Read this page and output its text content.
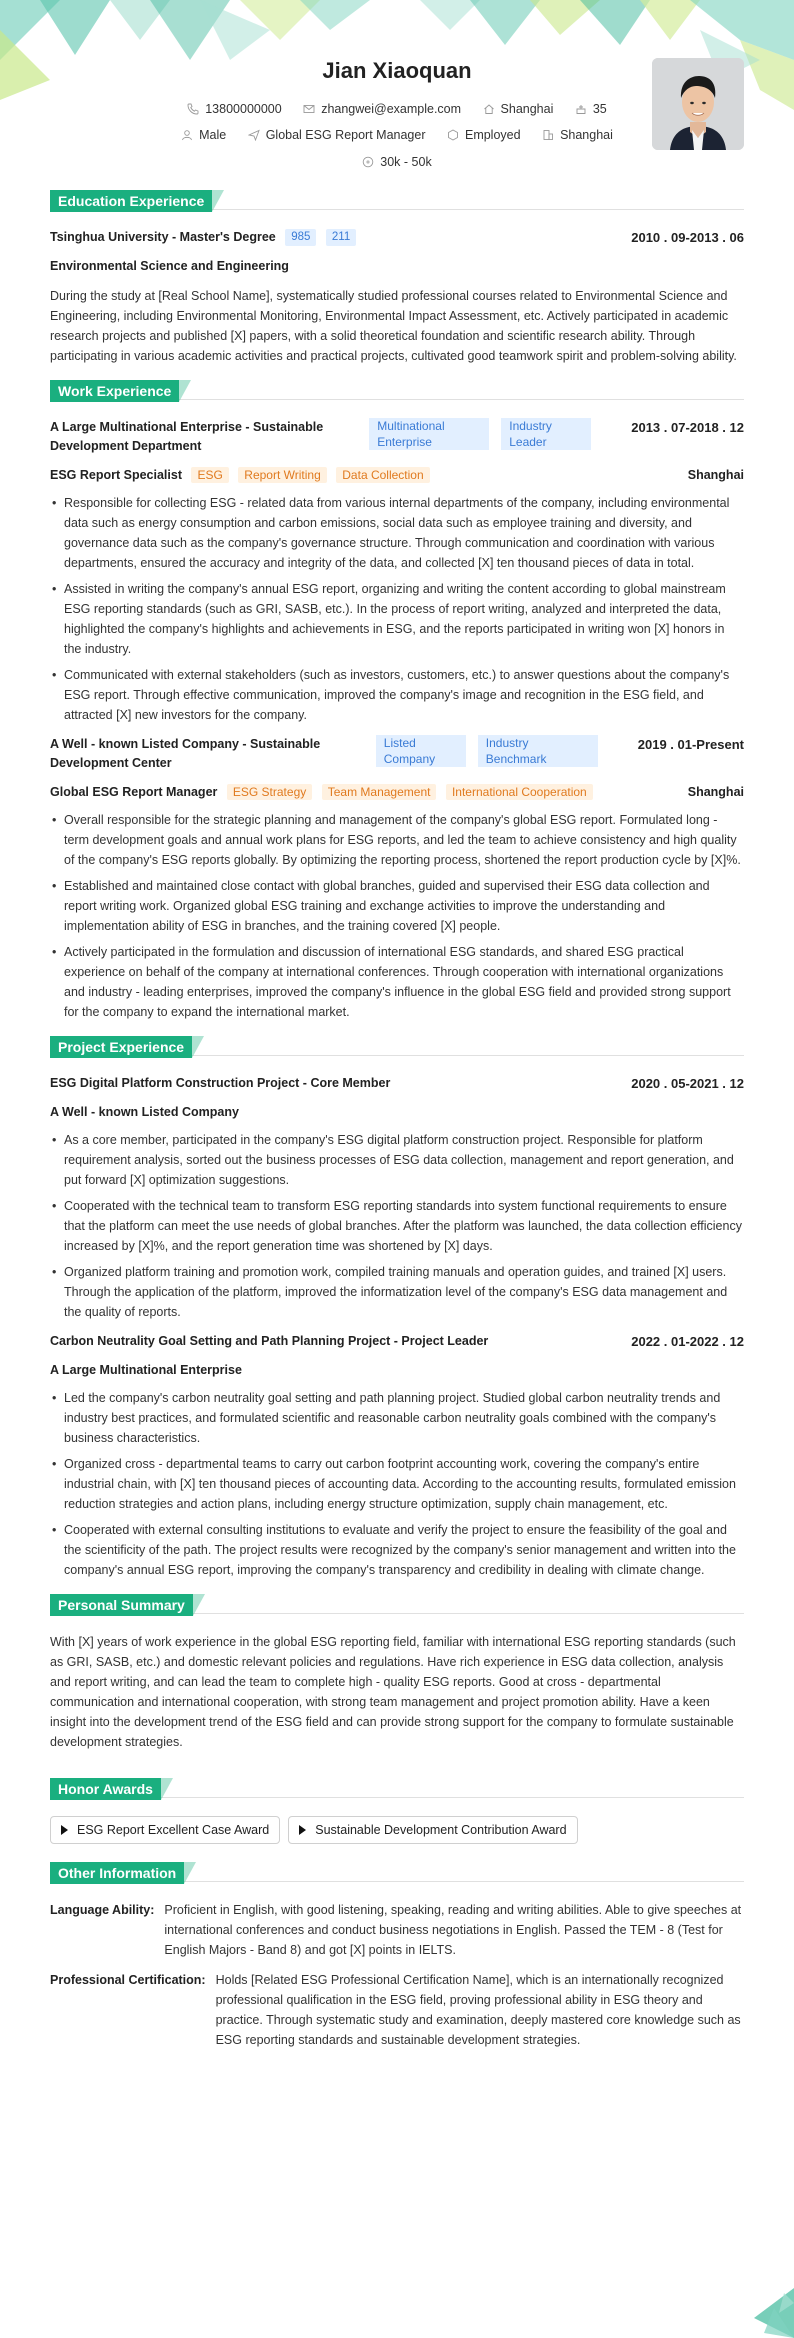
Jian Xiaoquan
13800000000
	zhangwei@example.com
	Shanghai
	35
Male
	Global ESG Report Manager
	Employed
	Shanghai
30k - 50k
Education Experience
Tsinghua University - Master's Degree 985 211	2010 . 09-2013 . 06
Environmental Science and Engineering
During the study at [Real School Name], systematically studied professional courses related to Environmental Science and Engineering, including Environmental Monitoring, Environmental Impact Assessment, etc. Actively participated in academic research projects and published [X] papers, with a solid theoretical foundation and scientific research ability. Through participating in various academic activities and practical projects, cultivated good teamwork spirit and problem-solving ability.
Work Experience
A Large Multinational Enterprise - Sustainable Development Department
Multinational Enterprise
Industry Leader
2013 . 07-2018 . 12
ESG Report Specialist ESG Report Writing Data Collection	Shanghai
• Responsible for collecting ESG - related data from various internal departments of the company, including environmental data such as energy consumption and carbon emissions, social data such as employee training and diversity, and governance data such as the company's governance structure. Through communication and coordination with various departments, ensured the accuracy and integrity of the data, and collected [X] ten thousand pieces of data in total.
• Assisted in writing the company's annual ESG report, organizing and writing the content according to global mainstream ESG reporting standards (such as GRI, SASB, etc.). In the process of report writing, analyzed and interpreted the data, highlighted the company's highlights and achievements in ESG, and the reports participated in writing won [X] honors in the industry.
• Communicated with external stakeholders (such as investors, customers, etc.) to answer questions about the company's ESG report. Through effective communication, improved the company's image and recognition in the ESG field, and attracted [X] new investors for the company.
A Well - known Listed Company - Sustainable Development Center
Listed Company
Industry Benchmark
2019 . 01-Present
Global ESG Report Manager ESG Strategy Team Management International Cooperation	Shanghai
• Overall responsible for the strategic planning and management of the company's global ESG report. Formulated long - term development goals and annual work plans for ESG reports, and led the team to achieve consistency and high quality of the company's ESG reports globally. By optimizing the reporting process, shortened the report production cycle by [X]%.
• Established and maintained close contact with global branches, guided and supervised their ESG data collection and report writing work. Organized global ESG training and exchange activities to improve the understanding and implementation ability of ESG in branches, and the training covered [X] people.
• Actively participated in the formulation and discussion of international ESG standards, and shared ESG practical experience on behalf of the company at international conferences. Through cooperation with international organizations and industry - leading enterprises, improved the company's influence in the global ESG field and provided strong support for the company to expand the international market.
Project Experience
ESG Digital Platform Construction Project - Core Member	2020 . 05-2021 . 12
A Well - known Listed Company
• As a core member, participated in the company's ESG digital platform construction project. Responsible for platform requirement analysis, sorted out the business processes of ESG data collection, management and report generation, and put forward [X] optimization suggestions.
• Cooperated with the technical team to transform ESG reporting standards into system functional requirements to ensure that the platform can meet the use needs of global branches. After the platform was launched, the data collection efficiency increased by [X]%, and the report generation time was shortened by [X] days.
• Organized platform training and promotion work, compiled training manuals and operation guides, and trained [X] users. Through the application of the platform, improved the informatization level of the company's ESG data management and the quality of reports.
Carbon Neutrality Goal Setting and Path Planning Project - Project Leader	2022 . 01-2022 . 12
A Large Multinational Enterprise
• Led the company's carbon neutrality goal setting and path planning project. Studied global carbon neutrality trends and industry best practices, and formulated scientific and reasonable carbon neutrality goals combined with the company's business characteristics.
• Organized cross - departmental teams to carry out carbon footprint accounting work, covering the company's entire industrial chain, with [X] ten thousand pieces of accounting data. According to the accounting results, formulated emission reduction strategies and action plans, including energy structure optimization, supply chain management, etc.
• Cooperated with external consulting institutions to evaluate and verify the project to ensure the feasibility of the goal and the scientificity of the path. The project results were recognized by the company's senior management and written into the company's annual ESG report, improving the company's transparency and credibility in dealing with climate change.
Personal Summary
With [X] years of work experience in the global ESG reporting field, familiar with international ESG reporting standards (such as GRI, SASB, etc.) and domestic relevant policies and regulations. Have rich experience in ESG data collection, analysis and report writing, and can lead the team to complete high - quality ESG reports. Good at cross - departmental communication and international cooperation, with strong team management and project promotion ability. Have a keen insight into the development trend of the ESG field and can provide strong support for the company to formulate sustainable development strategies.
Honor Awards
ESG Report Excellent Case Award	Sustainable Development Contribution Award
Other Information
Language Ability: Proficient in English, with good listening, speaking, reading and writing abilities. Able to give speeches at international conferences and conduct business negotiations in English. Passed the TEM - 8 (Test for English Majors - Band 8) and got [X] points in IELTS.
Professional Certification: Holds [Related ESG Professional Certification Name], which is an internationally recognized professional qualification in the ESG field, proving professional ability in ESG theory and practice. Through systematic study and examination, deeply mastered core knowledge such as ESG reporting standards and sustainable development strategies.
